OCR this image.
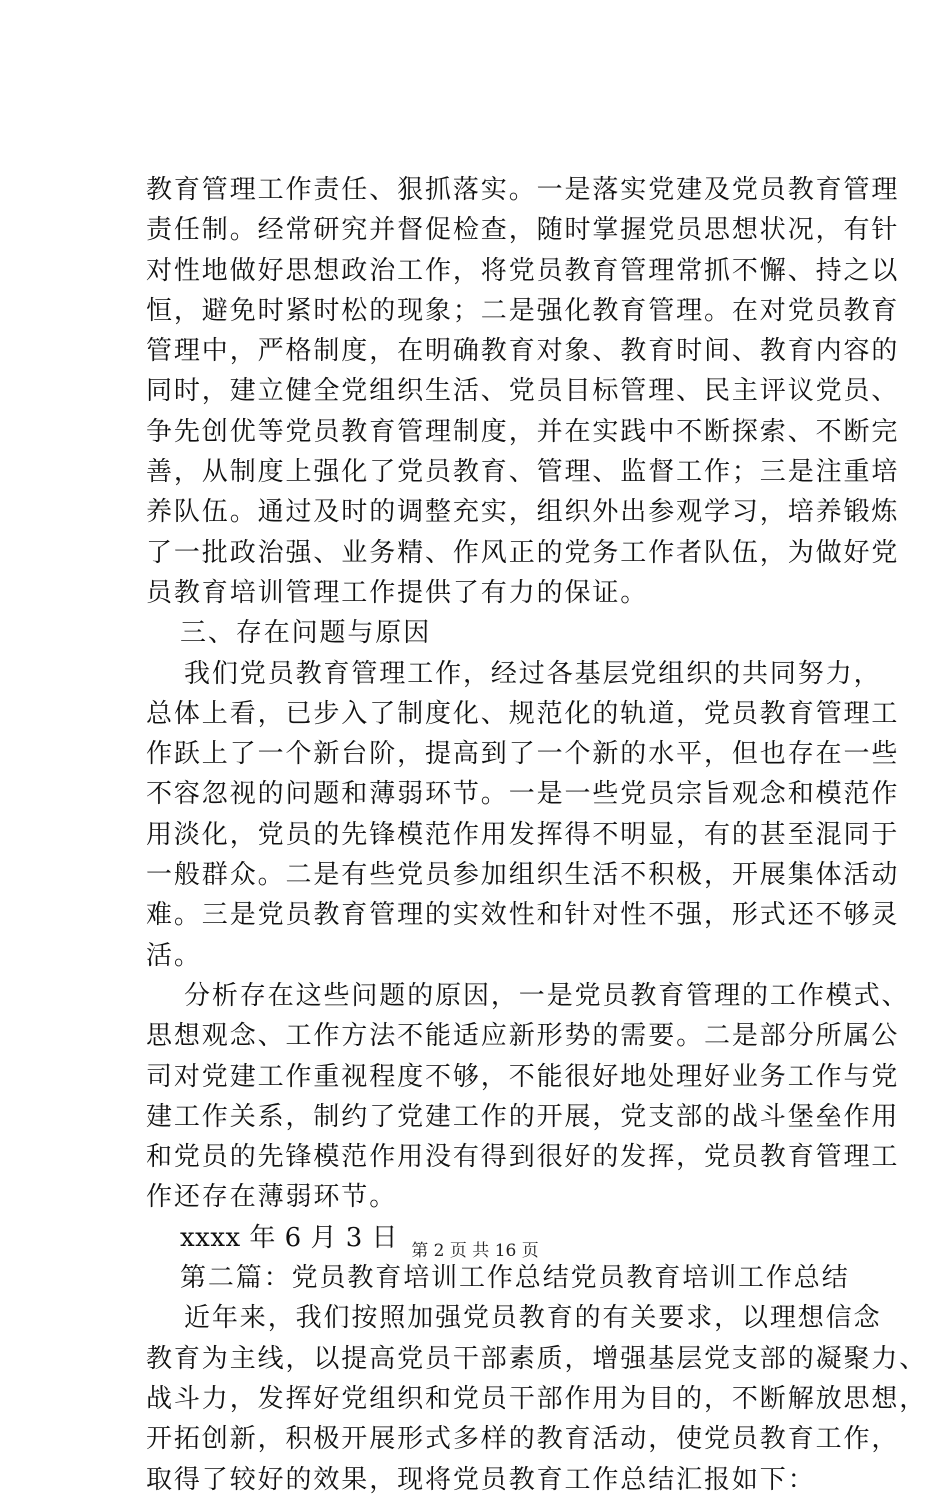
教育管理工作责任、狠抓落实。一是落实党建及党员教育管理
责任制。经常研究并督促检查，随时掌握党员思想状况，有针
对性地做好思想政治工作，将党员教育管理常抓不懈、持之以
恒，避免时紧时松的现象；二是强化教育管理。在对党员教育
管理中，严格制度，在明确教育对象、教育时间、教育内容的
同时，建立健全党组织生活、党员目标管理、民主评议党员、
争先创优等党员教育管理制度，并在实践中不断探索、不断完
善，从制度上强化了党员教育、管理、监督工作；三是注重培
养队伍。通过及时的调整充实，组织外出参观学习，培养锻炼
了一批政治强、业务精、作风正的党务工作者队伍，为做好党
员教育培训管理工作提供了有力的保证。
三、存在问题与原因
我们党员教育管理工作，经过各基层党组织的共同努力，
总体上看，已步入了制度化、规范化的轨道，党员教育管理工
作跃上了一个新台阶，提高到了一个新的水平，但也存在一些
不容忽视的问题和薄弱环节。一是一些党员宗旨观念和模范作
用淡化，党员的先锋模范作用发挥得不明显，有的甚至混同于
一般群众。二是有些党员参加组织生活不积极，开展集体活动
难。三是党员教育管理的实效性和针对性不强，形式还不够灵
活。
分析存在这些问题的原因，一是党员教育管理的工作模式、
思想观念、工作方法不能适应新形势的需要。二是部分所属公
司对党建工作重视程度不够，不能很好地处理好业务工作与党
建工作关系，制约了党建工作的开展，党支部的战斗堡垒作用
和党员的先锋模范作用没有得到很好的发挥，党员教育管理工
作还存在薄弱环节。
xxxx 年 6 月 3 日
第二篇：党员教育培训工作总结党员教育培训工作总结
近年来，我们按照加强党员教育的有关要求，以理想信念
教育为主线，以提高党员干部素质，增强基层党支部的凝聚力、
战斗力，发挥好党组织和党员干部作用为目的，不断解放思想，
开拓创新，积极开展形式多样的教育活动，使党员教育工作，
取得了较好的效果，现将党员教育工作总结汇报如下：
第 2 页 共 16 页
